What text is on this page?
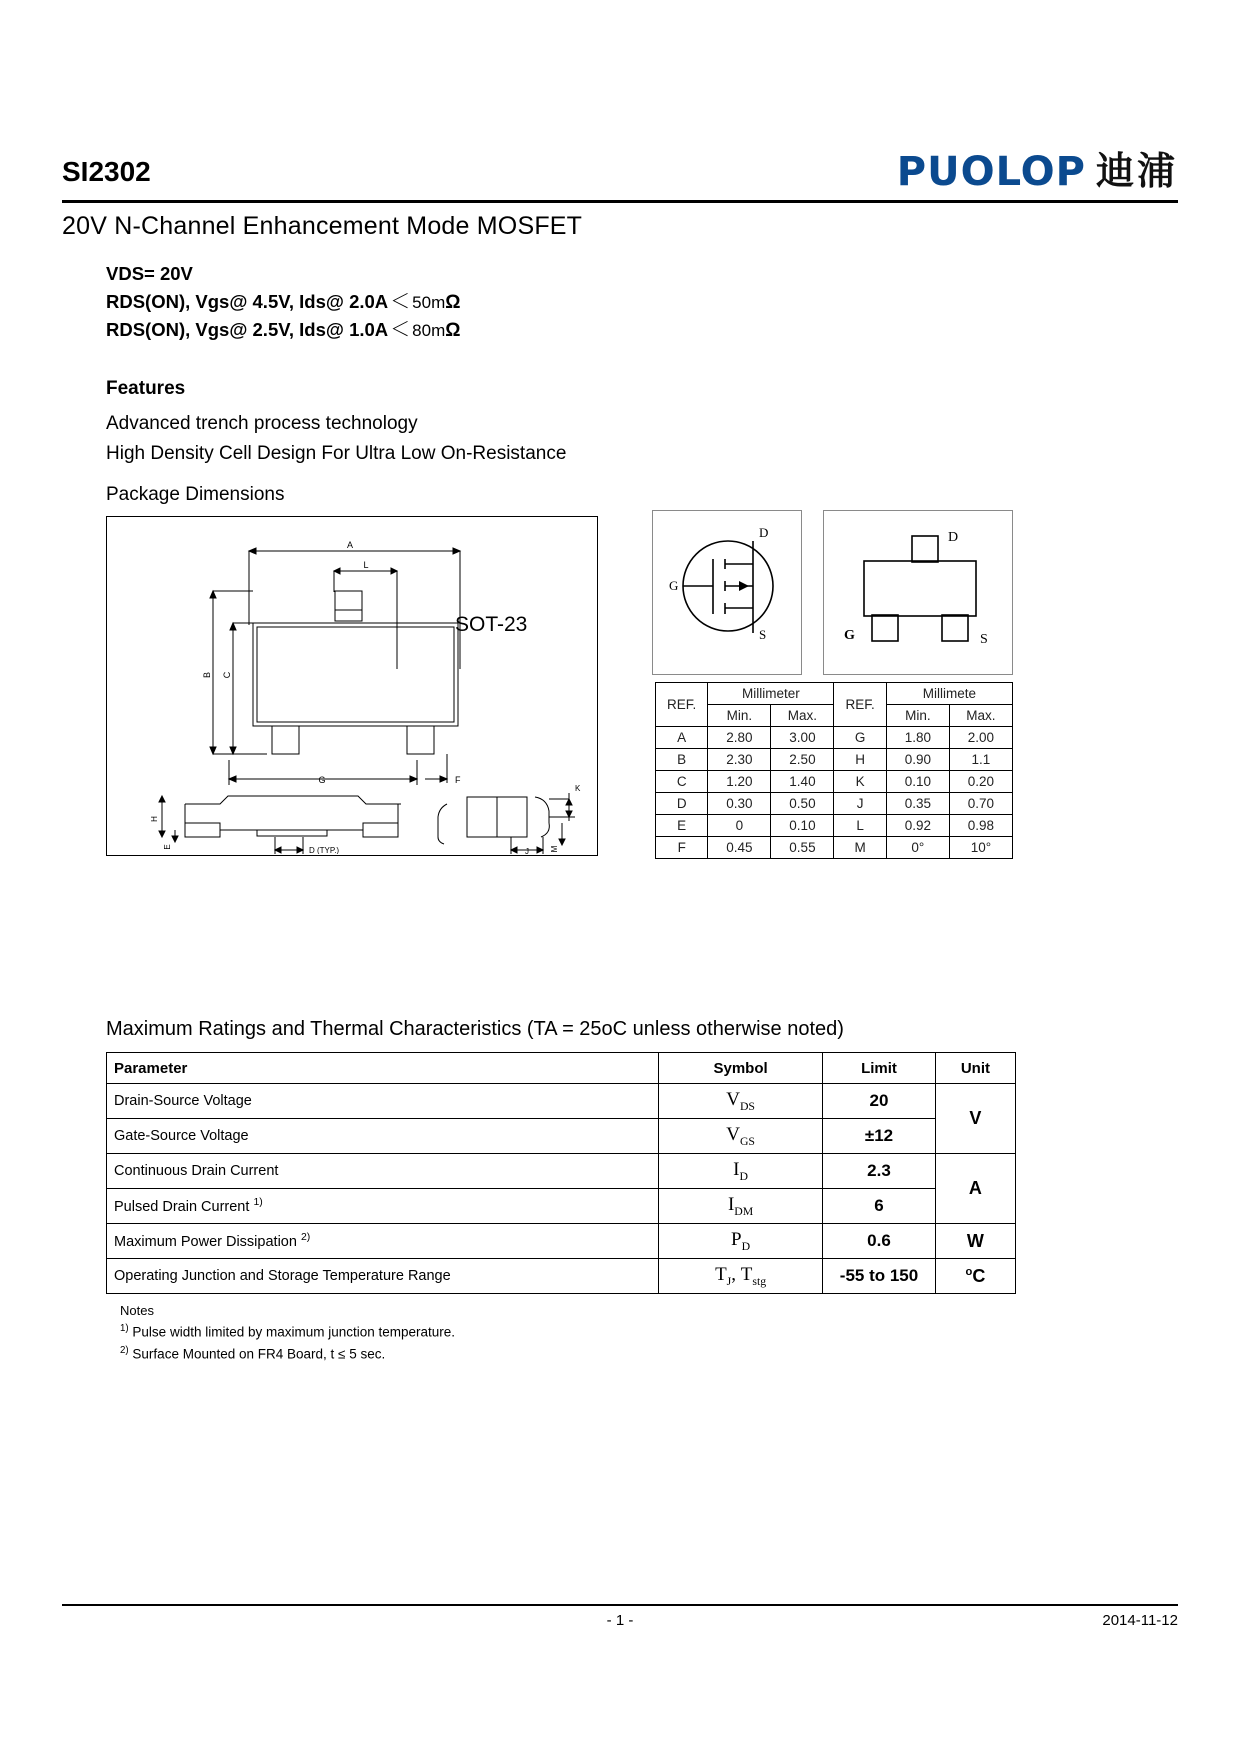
SI2302	PUOLOP 迪浦
20V N-Channel Enhancement Mode MOSFET
VDS= 20V
RDS(ON), Vgs@ 4.5V, Ids@ 2.0A ＜ 50mΩ
RDS(ON), Vgs@ 2.5V, Ids@ 1.0A ＜ 80mΩ
Features
Advanced trench process technology
High Density Cell Design For Ultra Low On-Resistance
Package Dimensions
A
L
G	F
B C
H
E	D (TYP.)
K
M
J
SOT-23
D
G
S
D
G	S
REF.	Millimeter		REF.	Millimete	
	Min.	Max.		Min.	Max.
A	2.80	3.00	G	1.80	2.00
B	2.30	2.50	H	0.90	1.1
C	1.20	1.40	K	0.10	0.20
D	0.30	0.50	J	0.35	0.70
E	0	0.10	L	0.92	0.98
F	0.45	0.55	M	0°	10°
Maximum Ratings and Thermal Characteristics (TA = 25oC unless otherwise noted)
Parameter	Symbol	Limit	Unit
Drain-Source Voltage	$V_{DS}$	20	V
Gate-Source Voltage	$V_{GS}$	±12	
Continuous Drain Current	$I_D$	2.3	A
Pulsed Drain Current $^{1)}$	$I_{DM}$	6	
Maximum Power Dissipation $^{2)}$	$P_D$	0.6	W
Operating Junction and Storage Temperature Range	$T_J$, $T_{stg}$	-55 to 150	$^o$C
Notes
$^{1)}$ Pulse width limited by maximum junction temperature.
$^{2)}$ Surface Mounted on FR4 Board, t ≤ 5 sec.
- 1 -	2014-11-12
